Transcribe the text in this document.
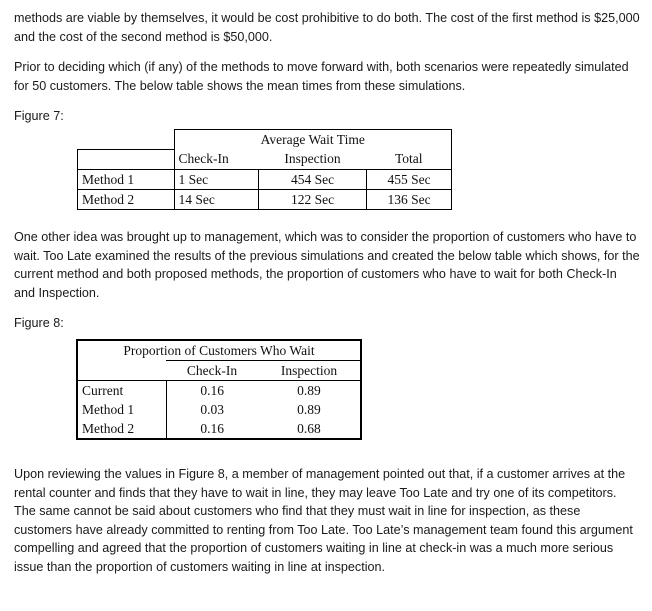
methods are viable by themselves, it would be cost prohibitive to do both. The cost of the first method is $25,000 and the cost of the second method is $50,000.
Prior to deciding which (if any) of the methods to move forward with, both scenarios were repeatedly simulated for 50 customers. The below table shows the mean times from these simulations.
Figure 7:
	Average Wait Time		
	Check-In	Inspection	Total
Method 1	1 Sec	454 Sec	455 Sec
Method 2	14 Sec	122 Sec	136 Sec
One other idea was brought up to management, which was to consider the proportion of customers who have to wait. Too Late examined the results of the previous simulations and created the below table which shows, for the current method and both proposed methods, the proportion of customers who have to wait for both Check-In and Inspection.
Figure 8:
Proportion of Customers Who Wait		
	Check-In	Inspection
Current	0.16	0.89
Method 1	0.03	0.89
Method 2	0.16	0.68
Upon reviewing the values in Figure 8, a member of management pointed out that, if a customer arrives at the rental counter and finds that they have to wait in line, they may leave Too Late and try one of its competitors. The same cannot be said about customers who find that they must wait in line for inspection, as these customers have already committed to renting from Too Late. Too Late’s management team found this argument compelling and agreed that the proportion of customers waiting in line at check-in was a much more serious issue than the proportion of customers waiting in line at inspection.
